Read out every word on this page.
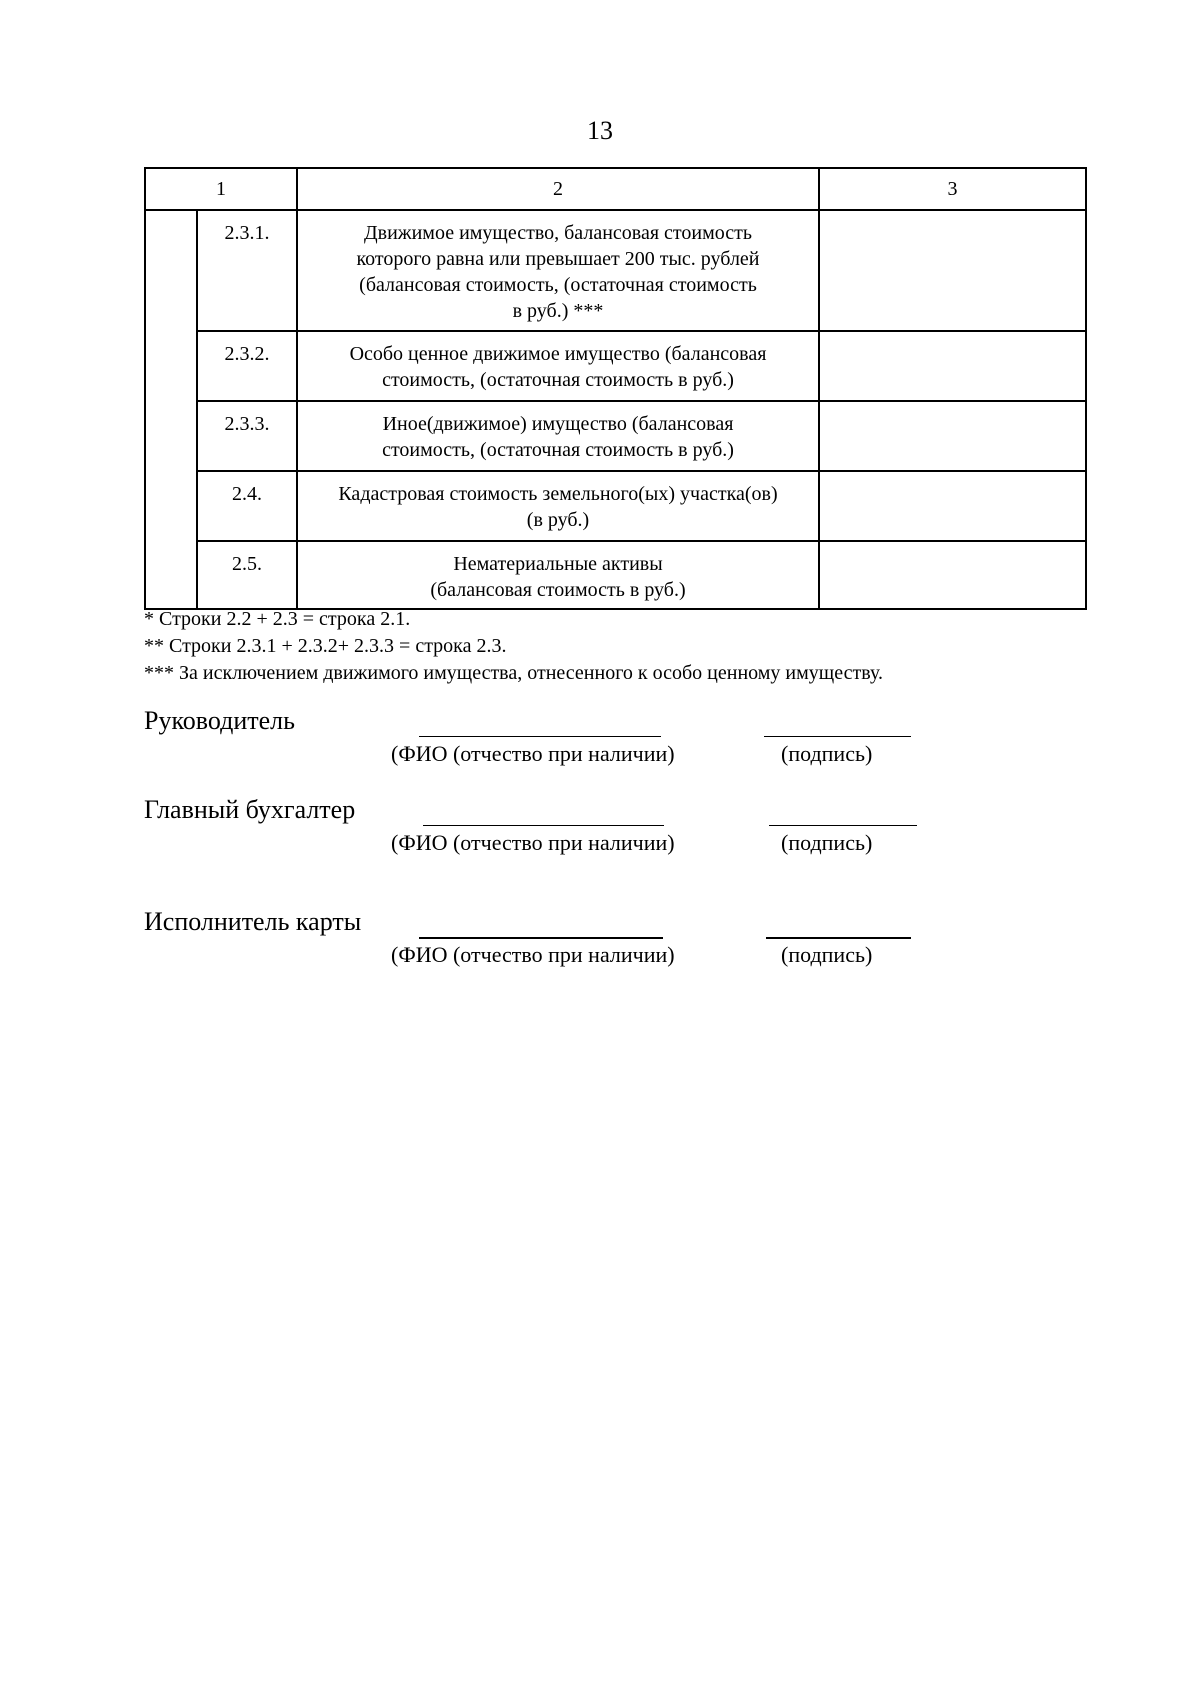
13
1		2	3
	2.3.1.	Движимое имущество, балансовая стоимость
которого равна или превышает 200 тыс. рублей
(балансовая стоимость, (остаточная стоимость
в руб.) ***	

	2.3.2.	Особо ценное движимое имущество (балансовая
стоимость, (остаточная стоимость в руб.)	

	2.3.3.	Иное(движимое) имущество (балансовая
стоимость, (остаточная стоимость в руб.)	

	2.4.	Кадастровая стоимость земельного(ых) участка(ов)
(в руб.)	

	2.5.	Нематериальные активы
(балансовая стоимость в руб.)	

* Строки 2.2 + 2.3 = строка 2.1.
** Строки 2.3.1 + 2.3.2+ 2.3.3 = строка 2.3.
*** За исключением движимого имущества, отнесенного к особо ценному имуществу.
Руководитель
(ФИО (отчество при наличии)	(подпись)
Главный бухгалтер
(ФИО (отчество при наличии)	(подпись)
Исполнитель карты
(ФИО (отчество при наличии)	(подпись)
